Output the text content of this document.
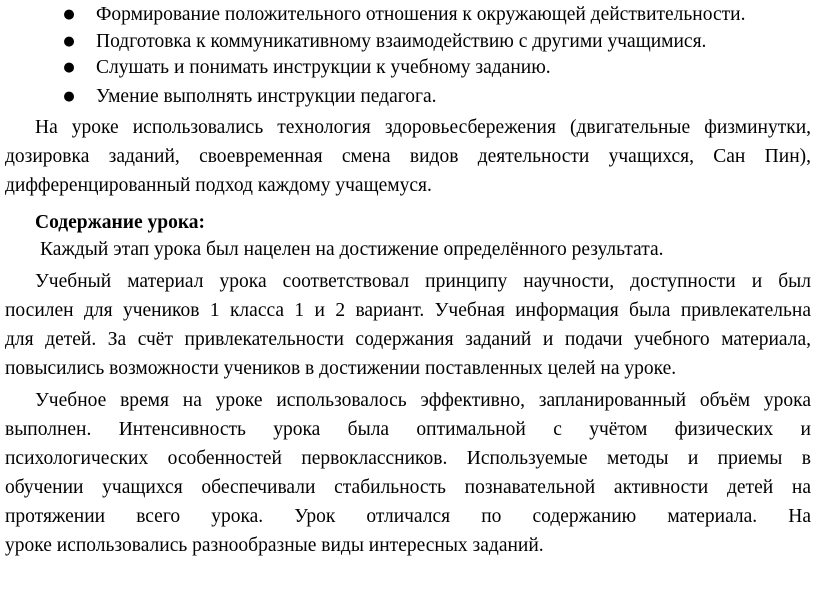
● Формирование положительного отношения к окружающей действительности.
● Подготовка к коммуникативному взаимодействию с другими учащимися.
● Слушать и понимать инструкции к учебному заданию.
● Умение выполнять инструкции педагога.
На уроке использовались технология здоровьесбережения (двигательные физминутки,
дозировка заданий, своевременная смена видов деятельности учащихся, Сан Пин),
дифференцированный подход каждому учащемуся.
Содержание урока:
Каждый этап урока был нацелен на достижение определённого результата.
Учебный материал урока соответствовал принципу научности, доступности и был
посилен для учеников 1 класса 1 и 2 вариант. Учебная информация была привлекательна
для детей. За счёт привлекательности содержания заданий и подачи учебного материала,
повысились возможности учеников в достижении поставленных целей на уроке.
Учебное время на уроке использовалось эффективно, запланированный объём урока
выполнен. Интенсивность урока была оптимальной с учётом физических и
психологических особенностей первоклассников. Используемые методы и приемы в
обучении учащихся обеспечивали стабильность познавательной активности детей на
протяжении всего урока. Урок отличался по содержанию материала. На
уроке использовались разнообразные виды интересных заданий.
